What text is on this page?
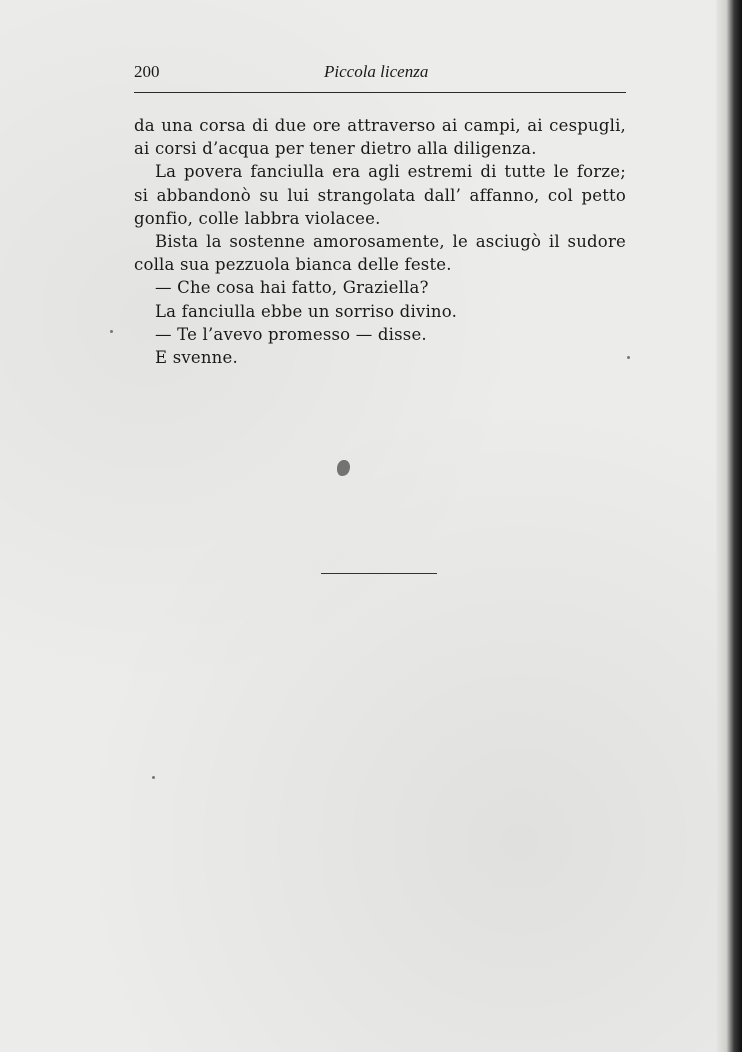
200	Piccola licenza
da una corsa di due ore attraverso ai campi, ai cespugli,
ai corsi d’acqua per tener dietro alla diligenza.
La povera fanciulla era agli estremi di tutte le forze;
si abbandonò su lui strangolata dall’ affanno, col petto
gonfio, colle labbra violacee.
Bista la sostenne amorosamente, le asciugò il sudore
colla sua pezzuola bianca delle feste.
— Che cosa hai fatto, Graziella?
La fanciulla ebbe un sorriso divino.
— Te l’avevo promesso — disse.
E svenne.
